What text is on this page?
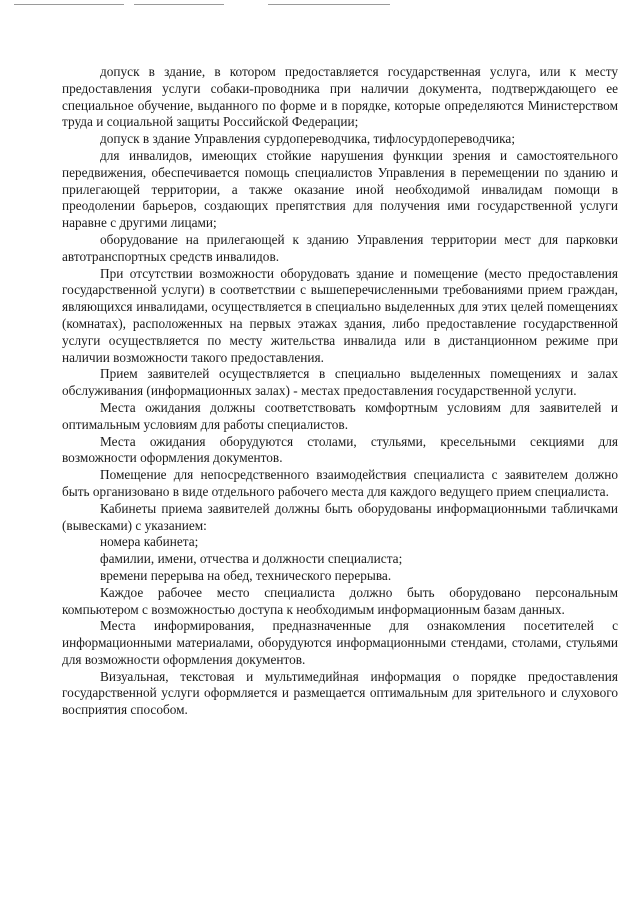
допуск в здание, в котором предоставляется государственная услуга, или к месту предоставления услуги собаки-проводника при наличии документа, подтверждающего ее специальное обучение, выданного по форме и в порядке, которые определяются Министерством труда и социальной защиты Российской Федерации;

допуск в здание Управления сурдопереводчика, тифлосурдопереводчика;

для инвалидов, имеющих стойкие нарушения функции зрения и самостоятельного передвижения, обеспечивается помощь специалистов Управления в перемещении по зданию и прилегающей территории, а также оказание иной необходимой инвалидам помощи в преодолении барьеров, создающих препятствия для получения ими государственной услуги наравне с другими лицами;

оборудование на прилегающей к зданию Управления территории мест для парковки автотранспортных средств инвалидов.

При отсутствии возможности оборудовать здание и помещение (место предоставления государственной услуги) в соответствии с вышеперечисленными требованиями прием граждан, являющихся инвалидами, осуществляется в специально выделенных для этих целей помещениях (комнатах), расположенных на первых этажах здания, либо предоставление государственной услуги осуществляется по месту жительства инвалида или в дистанционном режиме при наличии возможности такого предоставления.

Прием заявителей осуществляется в специально выделенных помещениях и залах обслуживания (информационных залах) - местах предоставления государственной услуги.

Места ожидания должны соответствовать комфортным условиям для заявителей и оптимальным условиям для работы специалистов.

Места ожидания оборудуются столами, стульями, кресельными секциями для возможности оформления документов.

Помещение для непосредственного взаимодействия специалиста с заявителем должно быть организовано в виде отдельного рабочего места для каждого ведущего прием специалиста.

Кабинеты приема заявителей должны быть оборудованы информационными табличками (вывесками) с указанием:

номера кабинета;

фамилии, имени, отчества и должности специалиста;

времени перерыва на обед, технического перерыва.

Каждое рабочее место специалиста должно быть оборудовано персональным компьютером с возможностью доступа к необходимым информационным базам данных.

Места информирования, предназначенные для ознакомления посетителей с информационными материалами, оборудуются информационными стендами, столами, стульями для возможности оформления документов.

Визуальная, текстовая и мультимедийная информация о порядке предоставления государственной услуги оформляется и размещается оптимальным для зрительного и слухового восприятия способом.
